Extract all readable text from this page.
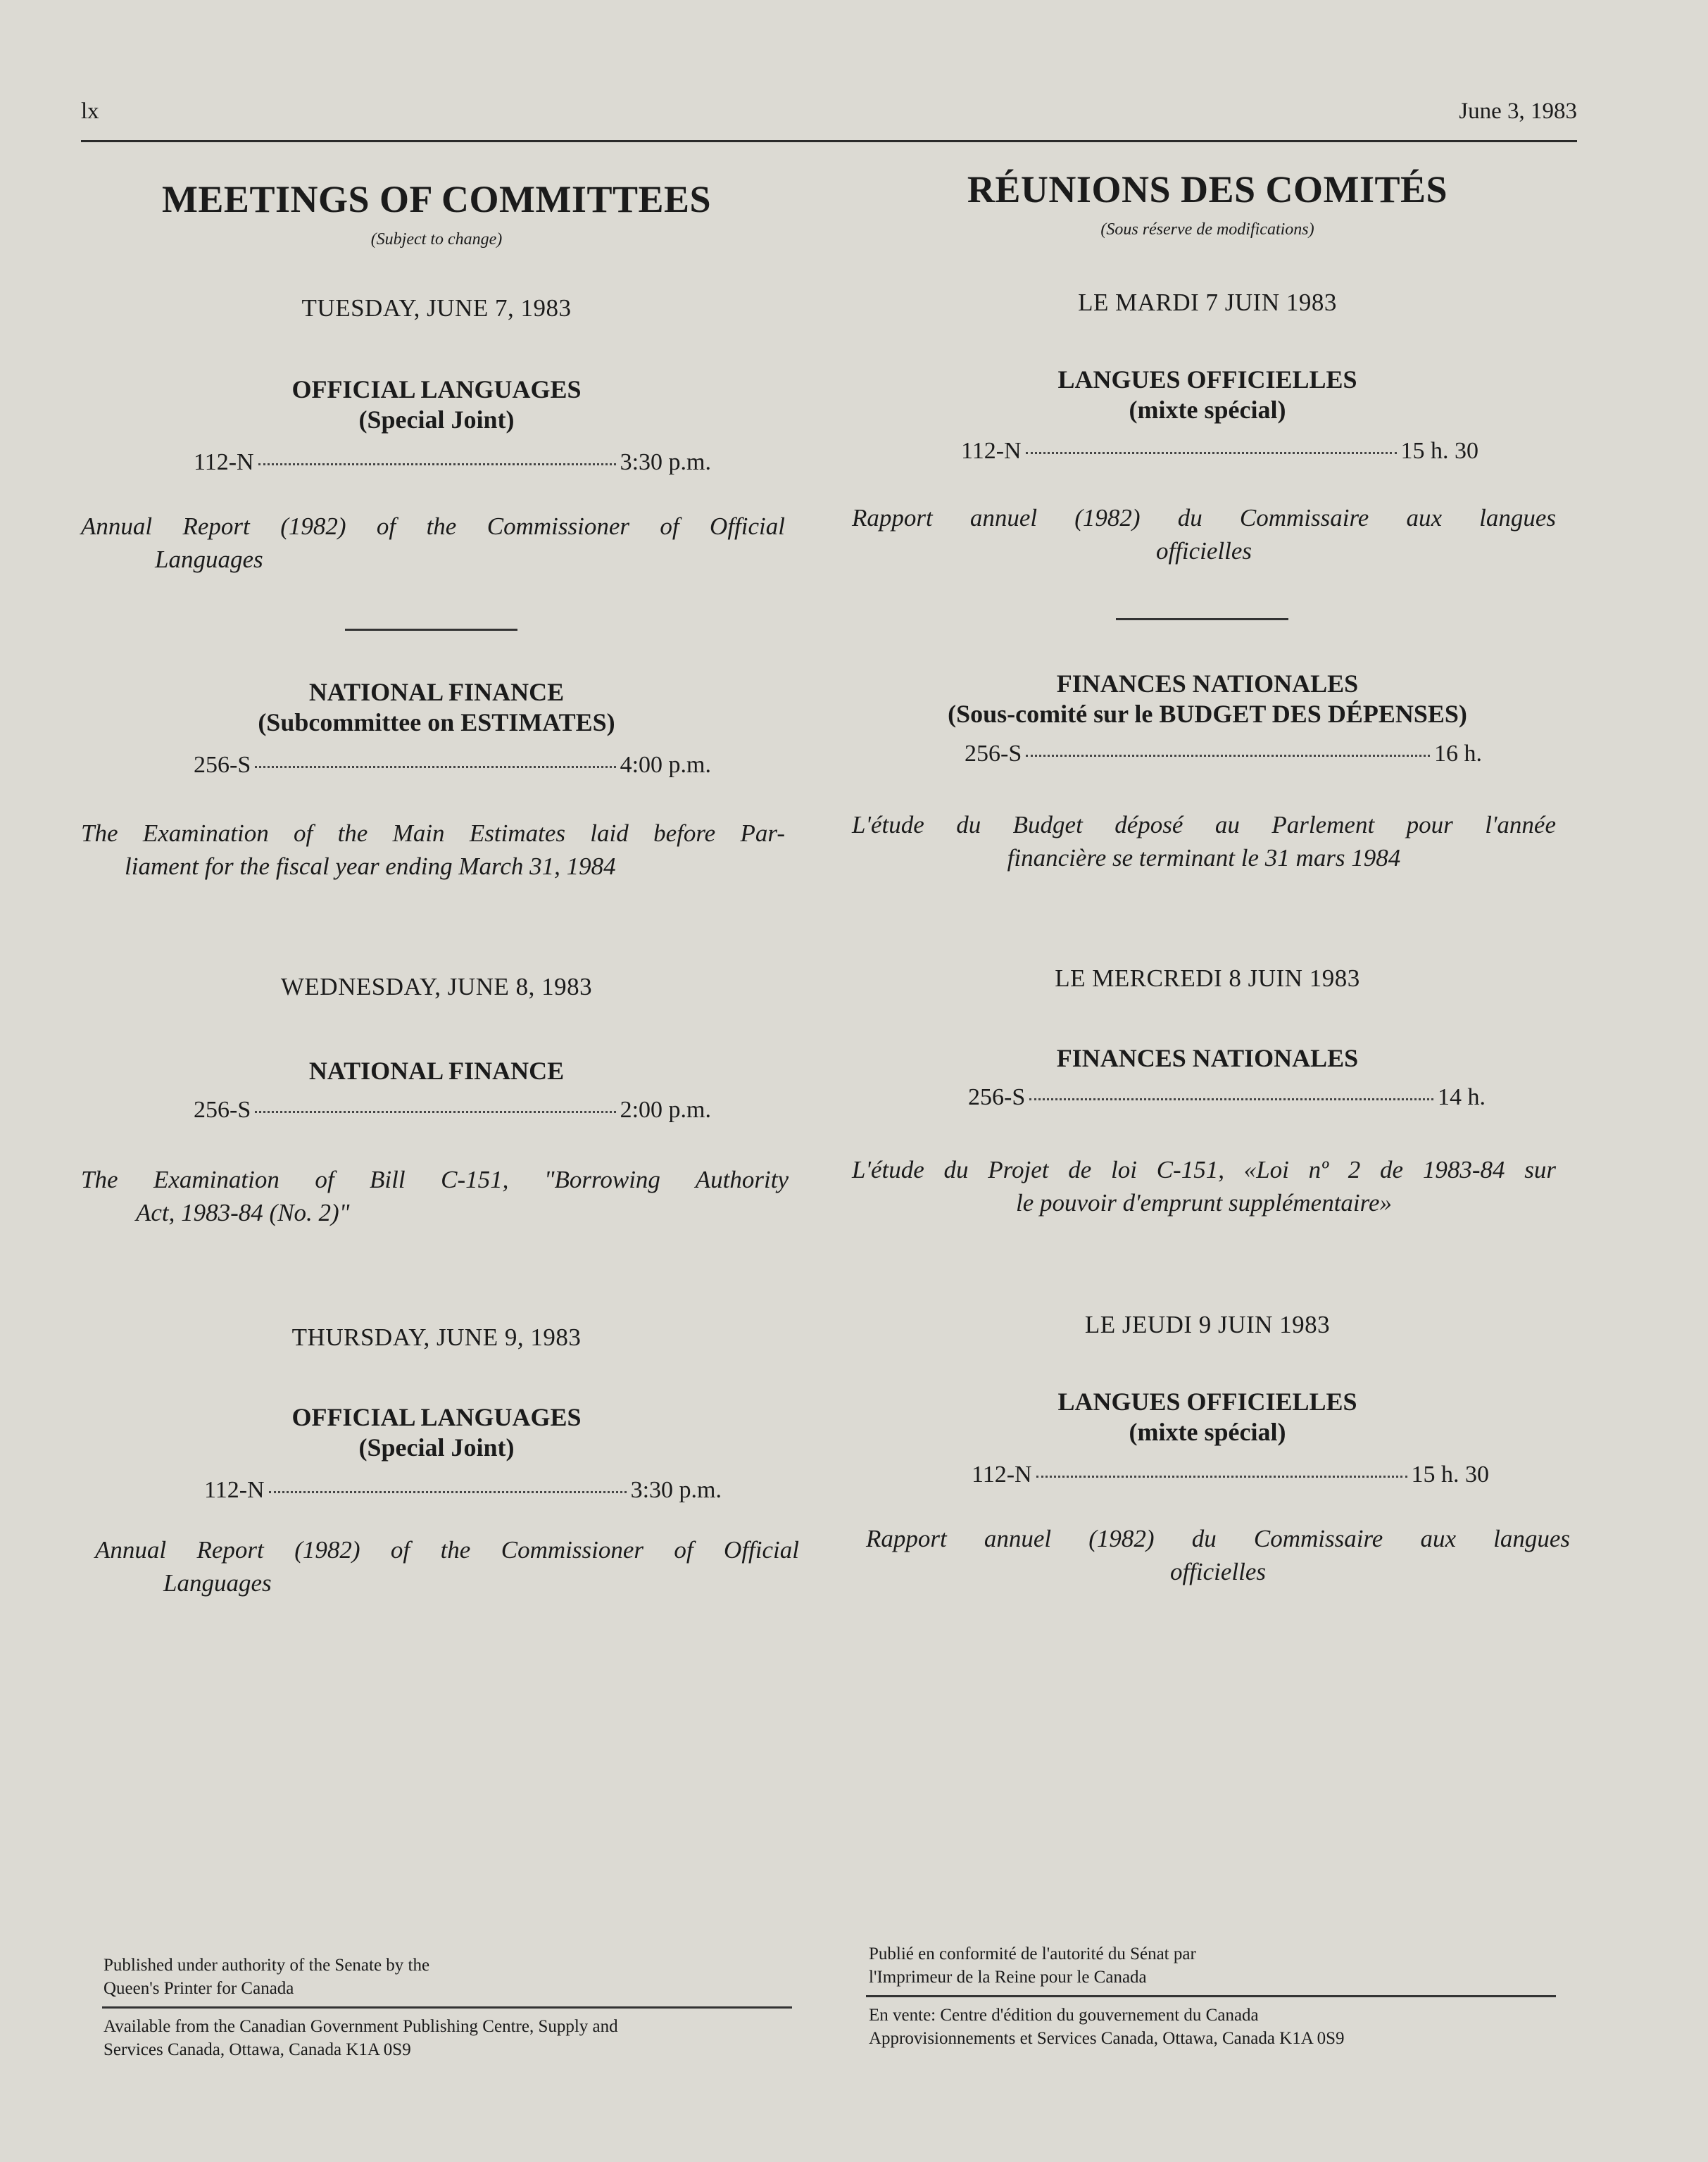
lx	June 3, 1983
MEETINGS OF COMMITTEES
(Subject to change)
TUESDAY, JUNE 7, 1983
OFFICIAL LANGUAGES
(Special Joint)
112-N	3:30 p.m.
Annual Report (1982) of the Commissioner of Official
Languages
NATIONAL FINANCE
(Subcommittee on ESTIMATES)
256-S	4:00 p.m.
The Examination of the Main Estimates laid before Par-
liament for the fiscal year ending March 31, 1984
WEDNESDAY, JUNE 8, 1983
NATIONAL FINANCE
256-S	2:00 p.m.
The Examination of Bill C-151, "Borrowing Authority
Act, 1983-84 (No. 2)"
THURSDAY, JUNE 9, 1983
OFFICIAL LANGUAGES
(Special Joint)
112-N	3:30 p.m.
Annual Report (1982) of the Commissioner of Official
Languages
RÉUNIONS DES COMITÉS
(Sous réserve de modifications)
LE MARDI 7 JUIN 1983
LANGUES OFFICIELLES
(mixte spécial)
112-N	15 h. 30
Rapport annuel (1982) du Commissaire aux langues
officielles
FINANCES NATIONALES
(Sous-comité sur le BUDGET DES DÉPENSES)
256-S	16 h.
L'étude du Budget déposé au Parlement pour l'année
financière se terminant le 31 mars 1984
LE MERCREDI 8 JUIN 1983
FINANCES NATIONALES
256-S	14 h.
L'étude du Projet de loi C-151, «Loi nº 2 de 1983-84 sur
le pouvoir d'emprunt supplémentaire»
LE JEUDI 9 JUIN 1983
LANGUES OFFICIELLES
(mixte spécial)
112-N	15 h. 30
Rapport annuel (1982) du Commissaire aux langues
officielles
Published under authority of the Senate by the
Queen's Printer for Canada
Available from the Canadian Government Publishing Centre, Supply and
Services Canada, Ottawa, Canada K1A 0S9
Publié en conformité de l'autorité du Sénat par
l'Imprimeur de la Reine pour le Canada
En vente: Centre d'édition du gouvernement du Canada
Approvisionnements et Services Canada, Ottawa, Canada K1A 0S9
